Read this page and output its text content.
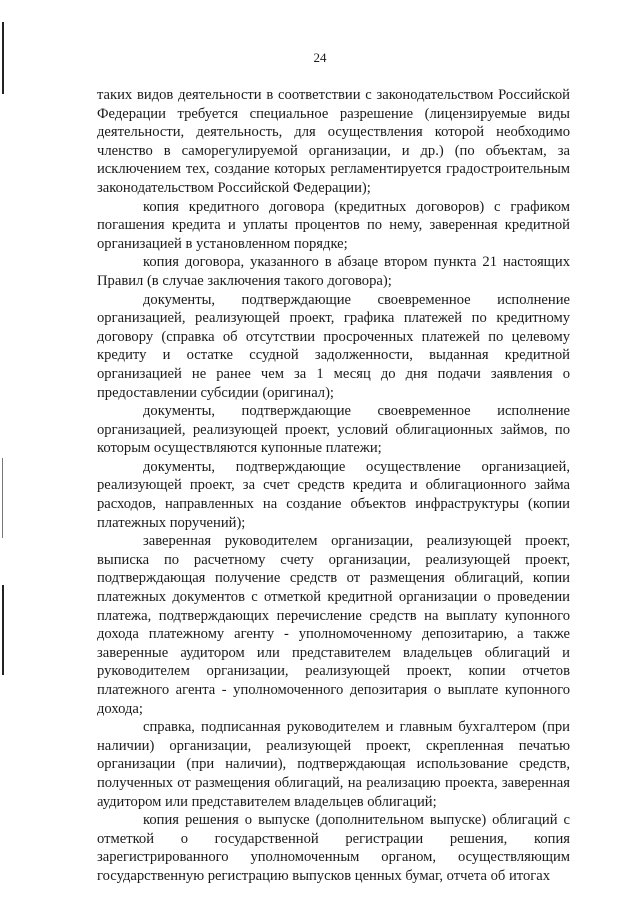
24

таких видов деятельности в соответствии с законодательством Российской Федерации требуется специальное разрешение (лицензируемые виды деятельности, деятельность, для осуществления которой необходимо членство в саморегулируемой организации, и др.) (по объектам, за исключением тех, создание которых регламентируется градостроительным законодательством Российской Федерации);

копия кредитного договора (кредитных договоров) с графиком погашения кредита и уплаты процентов по нему, заверенная кредитной организацией в установленном порядке;

копия договора, указанного в абзаце втором пункта 21 настоящих Правил (в случае заключения такого договора);

документы, подтверждающие своевременное исполнение организацией, реализующей проект, графика платежей по кредитному договору (справка об отсутствии просроченных платежей по целевому кредиту и остатке ссудной задолженности, выданная кредитной организацией не ранее чем за 1 месяц до дня подачи заявления о предоставлении субсидии (оригинал);

документы, подтверждающие своевременное исполнение организацией, реализующей проект, условий облигационных займов, по которым осуществляются купонные платежи;

документы, подтверждающие осуществление организацией, реализующей проект, за счет средств кредита и облигационного займа расходов, направленных на создание объектов инфраструктуры (копии платежных поручений);

заверенная руководителем организации, реализующей проект, выписка по расчетному счету организации, реализующей проект, подтверждающая получение средств от размещения облигаций, копии платежных документов с отметкой кредитной организации о проведении платежа, подтверждающих перечисление средств на выплату купонного дохода платежному агенту - уполномоченному депозитарию, а также заверенные аудитором или представителем владельцев облигаций и руководителем организации, реализующей проект, копии отчетов платежного агента - уполномоченного депозитария о выплате купонного дохода;

справка, подписанная руководителем и главным бухгалтером (при наличии) организации, реализующей проект, скрепленная печатью организации (при наличии), подтверждающая использование средств, полученных от размещения облигаций, на реализацию проекта, заверенная аудитором или представителем владельцев облигаций;

копия решения о выпуске (дополнительном выпуске) облигаций с отметкой о государственной регистрации решения, копия зарегистрированного уполномоченным органом, осуществляющим государственную регистрацию выпусков ценных бумаг, отчета об итогах
